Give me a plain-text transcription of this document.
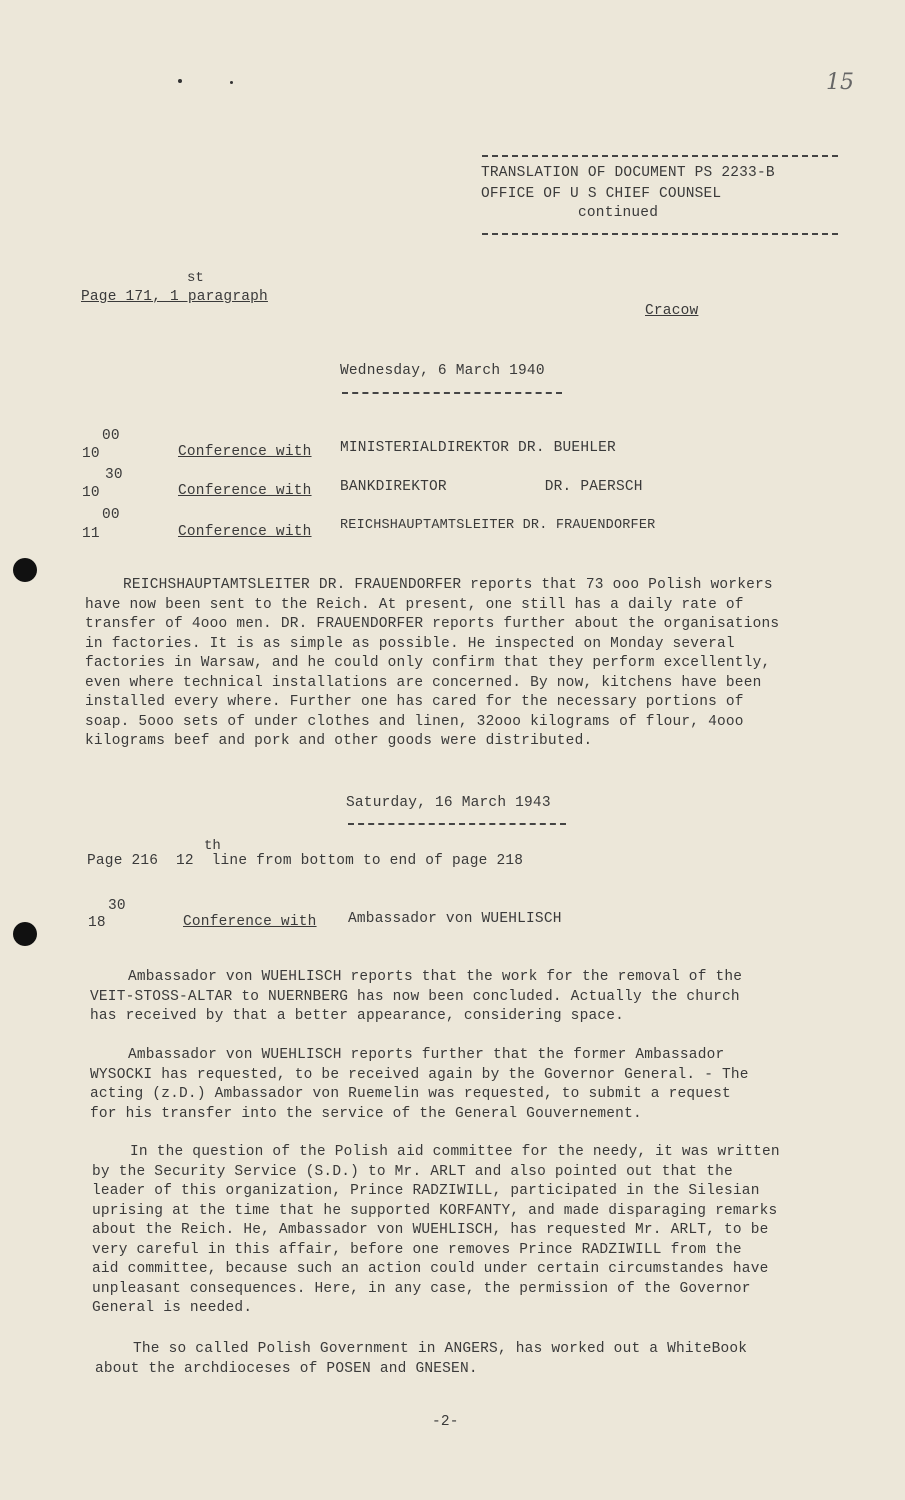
15
TRANSLATION OF DOCUMENT PS 2233-B
OFFICE OF U S CHIEF COUNSEL
continued
st
Page 171, 1 paragraph
Cracow
Wednesday, 6 March 1940
00
10	Conference with MINISTERIALDIREKTOR DR. BUEHLER
30
10	Conference with BANKDIREKTOR           DR. PAERSCH
00
11	Conference with REICHSHAUPTAMTSLEITER DR. FRAUENDORFER
REICHSHAUPTAMTSLEITER DR. FRAUENDORFER reports that 73 ooo Polish workers
have now been sent to the Reich. At present, one still has a daily rate of
transfer of 4ooo men. DR. FRAUENDORFER reports further about the organisations
in factories. It is as simple as possible. He inspected on Monday several
factories in Warsaw, and he could only confirm that they perform excellently,
even where technical installations are concerned. By now, kitchens have been
installed every where. Further one has cared for the necessary portions of
soap. 5ooo sets of under clothes and linen, 32ooo kilograms of flour, 4ooo
kilograms beef and pork and other goods were distributed.
Saturday, 16 March 1943
th
Page 216  12  line from bottom to end of page 218
30
18	Conference with Ambassador von WUEHLISCH
Ambassador von WUEHLISCH reports that the work for the removal of the
VEIT-STOSS-ALTAR to NUERNBERG has now been concluded. Actually the church
has received by that a better appearance, considering space.
Ambassador von WUEHLISCH reports further that the former Ambassador
WYSOCKI has requested, to be received again by the Governor General. - The
acting (z.D.) Ambassador von Ruemelin was requested, to submit a request
for his transfer into the service of the General Gouvernement.
In the question of the Polish aid committee for the needy, it was written
by the Security Service (S.D.) to Mr. ARLT and also pointed out that the
leader of this organization, Prince RADZIWILL, participated in the Silesian
uprising at the time that he supported KORFANTY, and made disparaging remarks
about the Reich. He, Ambassador von WUEHLISCH, has requested Mr. ARLT, to be
very careful in this affair, before one removes Prince RADZIWILL from the
aid committee, because such an action could under certain circumstandes have
unpleasant consequences. Here, in any case, the permission of the Governor
General is needed.
The so called Polish Government in ANGERS, has worked out a WhiteBook
about the archdioceses of POSEN and GNESEN.
-2-
